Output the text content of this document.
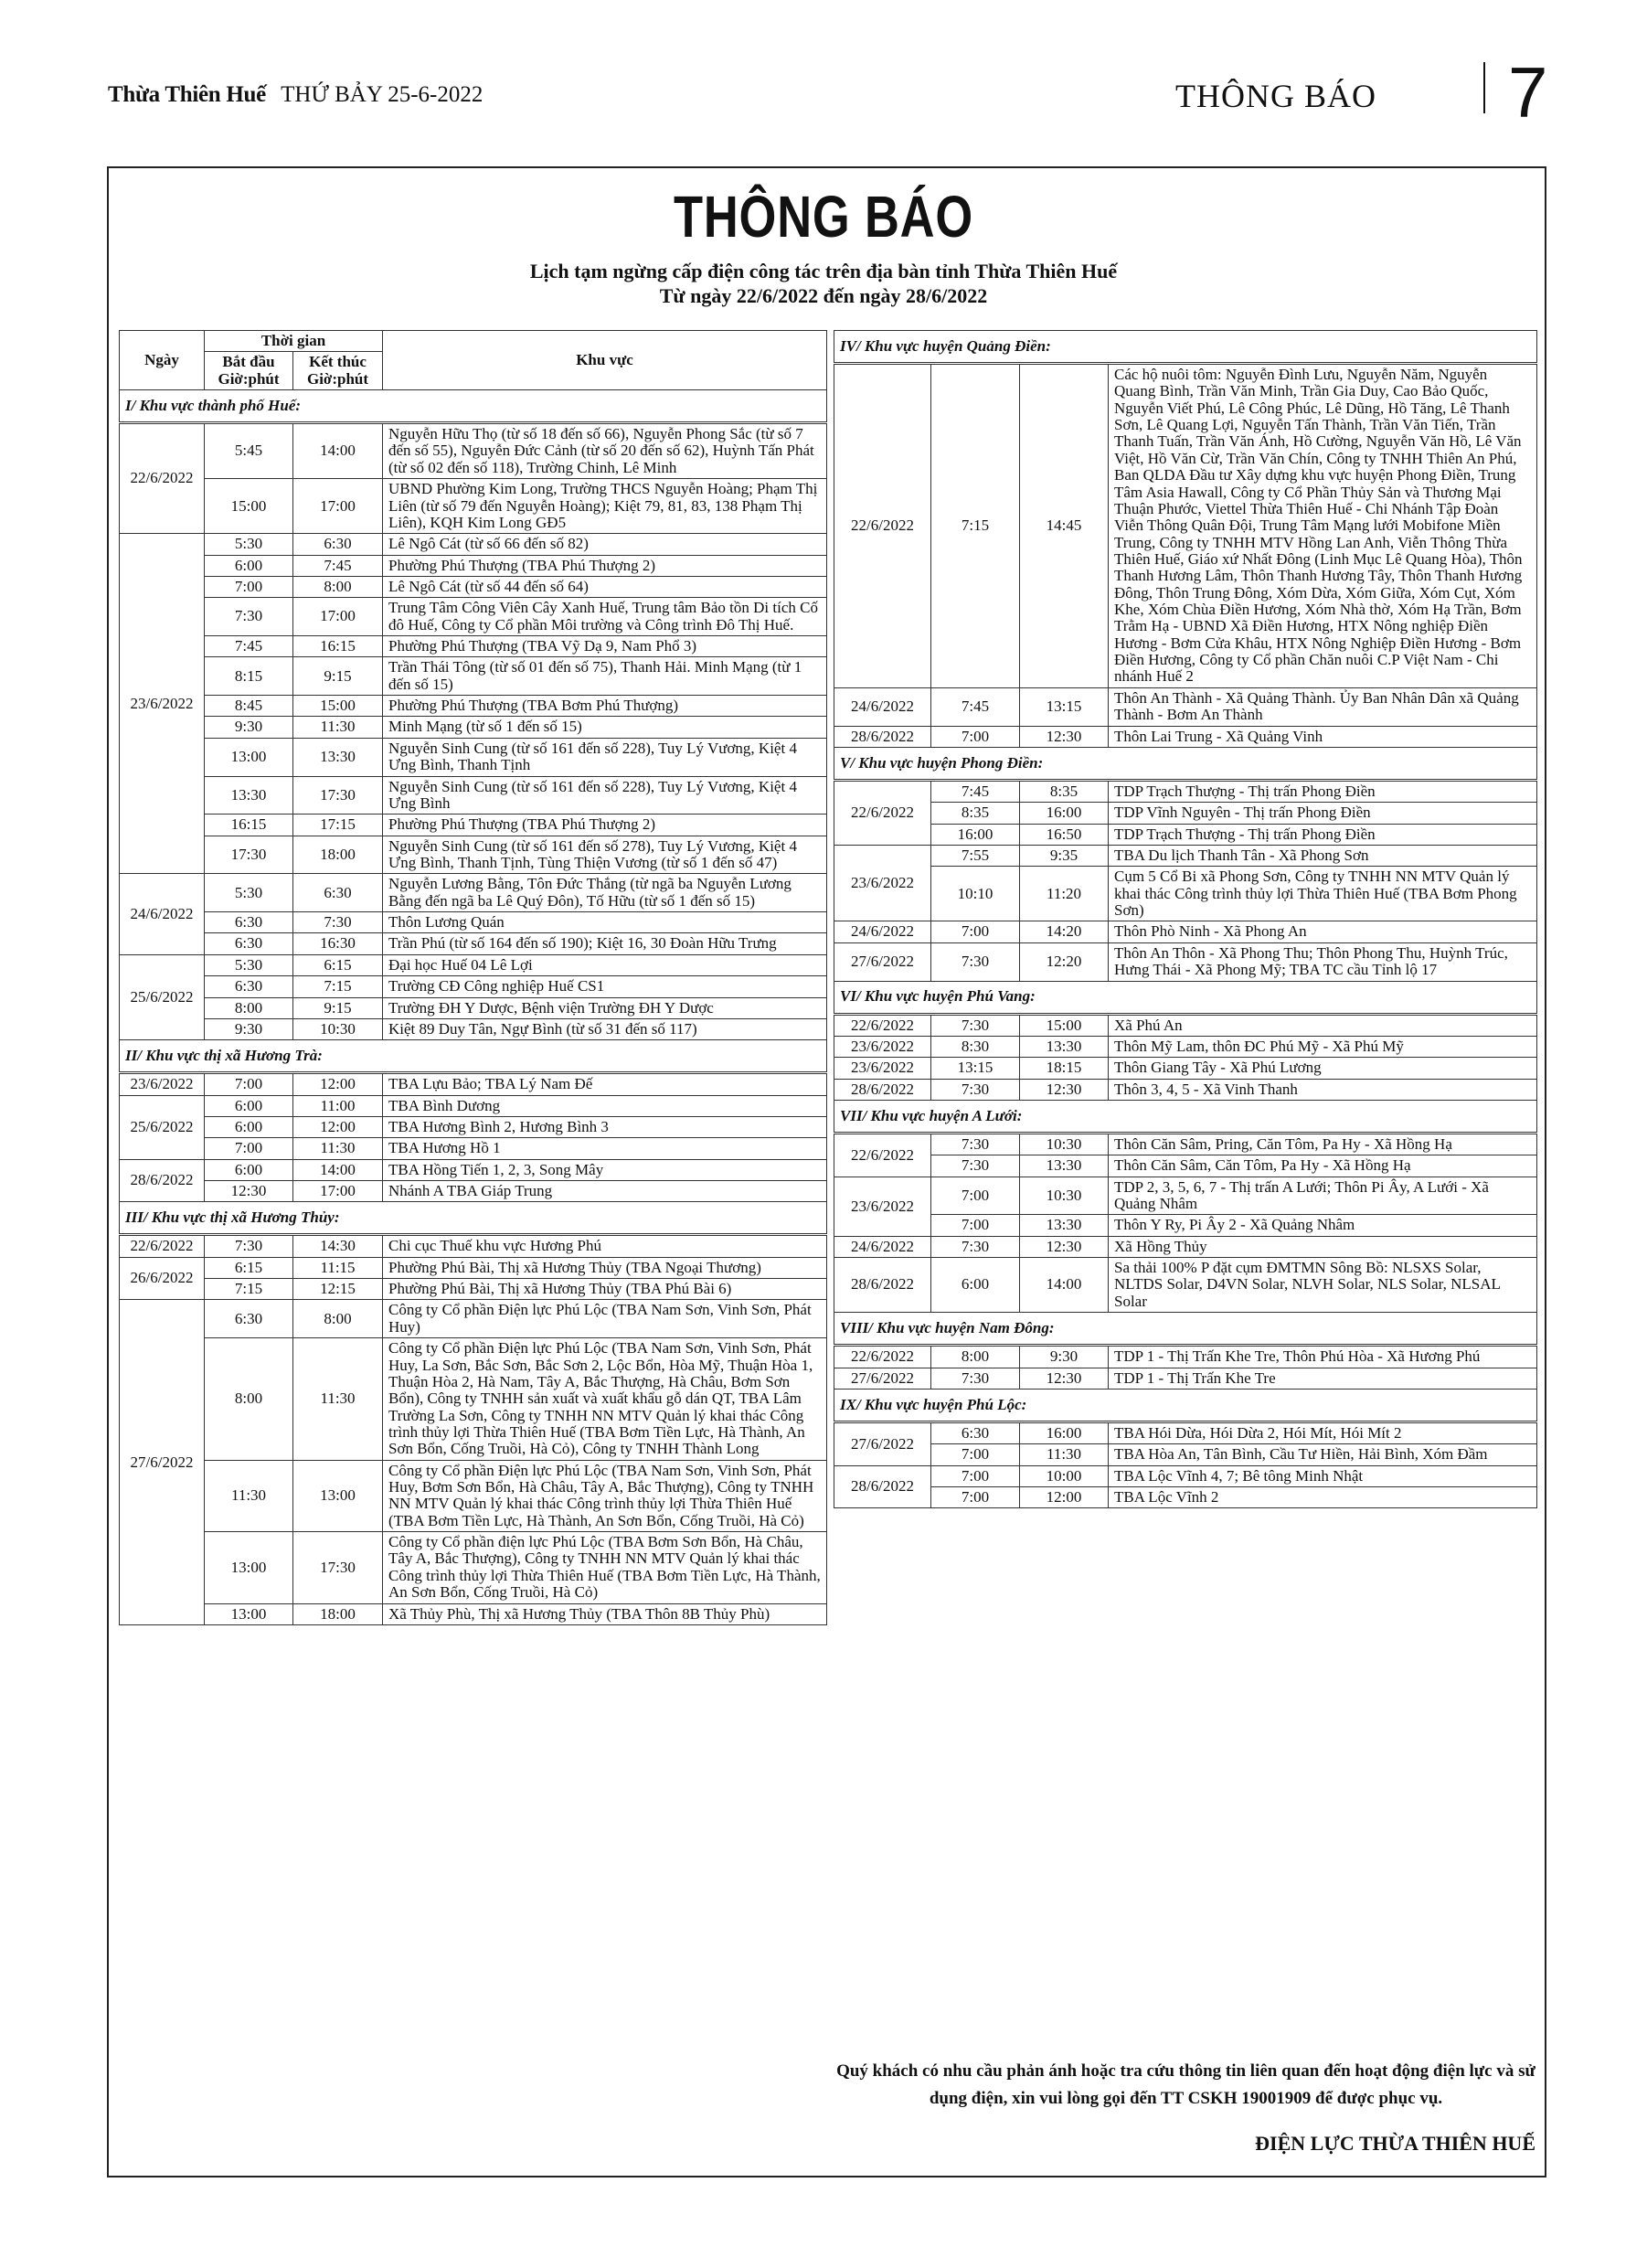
Thừa Thiên Huế THỨ BẢY 25-6-2022	THÔNG BÁO 7
THÔNG BÁO
Lịch tạm ngừng cấp điện công tác trên địa bàn tỉnh Thừa Thiên Huế
Từ ngày 22/6/2022 đến ngày 28/6/2022
Ngày	Thời gian		Khu vực
	Bắt đầu Giờ:phút	Kết thúc Giờ:phút	
I/ Khu vực thành phố Huế:			
22/6/2022	5:45	14:00	Nguyễn Hữu Thọ (từ số 18 đến số 66), Nguyễn Phong Sắc (từ số 7 đến số 55), Nguyễn Đức Cảnh (từ số 20 đến số 62), Huỳnh Tấn Phát (từ số 02 đến số 118), Trường Chinh, Lê Minh
	15:00	17:00	UBND Phường Kim Long, Trường THCS Nguyễn Hoàng; Phạm Thị Liên (từ số 79 đến Nguyễn Hoàng); Kiệt 79, 81, 83, 138 Phạm Thị Liên), KQH Kim Long GĐ5
23/6/2022	5:30	6:30	Lê Ngô Cát (từ số 66 đến số 82)
	6:00	7:45	Phường Phú Thượng (TBA Phú Thượng 2)
	7:00	8:00	Lê Ngô Cát (từ số 44 đến số 64)
	7:30	17:00	Trung Tâm Công Viên Cây Xanh Huế, Trung tâm Bảo tồn Di tích Cố đô Huế, Công ty Cổ phần Môi trường và Công trình Đô Thị Huế.
	7:45	16:15	Phường Phú Thượng (TBA Vỹ Dạ 9, Nam Phổ 3)
	8:15	9:15	Trần Thái Tông (từ số 01 đến số 75), Thanh Hải. Minh Mạng (từ 1 đến số 15)
	8:45	15:00	Phường Phú Thượng (TBA Bơm Phú Thượng)
	9:30	11:30	Minh Mạng (từ số 1 đến số 15)
	13:00	13:30	Nguyễn Sinh Cung (từ số 161 đến số 228), Tuy Lý Vương, Kiệt 4 Ưng Bình, Thanh Tịnh
	13:30	17:30	Nguyễn Sinh Cung (từ số 161 đến số 228), Tuy Lý Vương, Kiệt 4 Ưng Bình
	16:15	17:15	Phường Phú Thượng (TBA Phú Thượng 2)
	17:30	18:00	Nguyễn Sinh Cung (từ số 161 đến số 278), Tuy Lý Vương, Kiệt 4 Ưng Bình, Thanh Tịnh, Tùng Thiện Vương (từ số 1 đến số 47)
24/6/2022	5:30	6:30	Nguyễn Lương Bằng, Tôn Đức Thắng (từ ngã ba Nguyễn Lương Bằng đến ngã ba Lê Quý Đôn), Tố Hữu (từ số 1 đến số 15)
	6:30	7:30	Thôn Lương Quán
	6:30	16:30	Trần Phú (từ số 164 đến số 190); Kiệt 16, 30 Đoàn Hữu Trưng
25/6/2022	5:30	6:15	Đại học Huế 04 Lê Lợi
	6:30	7:15	Trường CĐ Công nghiệp Huế CS1
	8:00	9:15	Trường ĐH Y Dược, Bệnh viện Trường ĐH Y Dược
	9:30	10:30	Kiệt 89 Duy Tân, Ngự Bình (từ số 31 đến số 117)
II/ Khu vực thị xã Hương Trà:			
23/6/2022	7:00	12:00	TBA Lựu Bảo; TBA Lý Nam Đế
25/6/2022	6:00	11:00	TBA Bình Dương
	6:00	12:00	TBA Hương Bình 2, Hương Bình 3
	7:00	11:30	TBA Hương Hồ 1
28/6/2022	6:00	14:00	TBA Hồng Tiến 1, 2, 3, Song Mây
	12:30	17:00	Nhánh A TBA Giáp Trung
III/ Khu vực thị xã Hương Thủy:			
22/6/2022	7:30	14:30	Chi cục Thuế khu vực Hương Phú
26/6/2022	6:15	11:15	Phường Phú Bài, Thị xã Hương Thủy (TBA Ngoại Thương)
	7:15	12:15	Phường Phú Bài, Thị xã Hương Thủy (TBA Phú Bài 6)
27/6/2022	6:30	8:00	Công ty Cổ phần Điện lực Phú Lộc (TBA Nam Sơn, Vinh Sơn, Phát Huy)
	8:00	11:30	Công ty Cổ phần Điện lực Phú Lộc (TBA Nam Sơn, Vinh Sơn, Phát Huy, La Sơn, Bắc Sơn, Bắc Sơn 2, Lộc Bổn, Hòa Mỹ, Thuận Hòa 1, Thuận Hòa 2, Hà Nam, Tây A, Bắc Thượng, Hà Châu, Bơm Sơn Bổn), Công ty TNHH sản xuất và xuất khẩu gỗ dán QT, TBA Lâm Trường La Sơn, Công ty TNHH NN MTV Quản lý khai thác Công trình thủy lợi Thừa Thiên Huế (TBA Bơm Tiền Lực, Hà Thành, An Sơn Bổn, Cống Truồi, Hà Cỏ), Công ty TNHH Thành Long
	11:30	13:00	Công ty Cổ phần Điện lực Phú Lộc (TBA Nam Sơn, Vinh Sơn, Phát Huy, Bơm Sơn Bổn, Hà Châu, Tây A, Bắc Thượng), Công ty TNHH NN MTV Quản lý khai thác Công trình thủy lợi Thừa Thiên Huế (TBA Bơm Tiền Lực, Hà Thành, An Sơn Bổn, Cống Truồi, Hà Cỏ)
	13:00	17:30	Công ty Cổ phần điện lực Phú Lộc (TBA Bơm Sơn Bổn, Hà Châu, Tây A, Bắc Thượng), Công ty TNHH NN MTV Quản lý khai thác Công trình thủy lợi Thừa Thiên Huế (TBA Bơm Tiền Lực, Hà Thành, An Sơn Bổn, Cống Truồi, Hà Cỏ)
	13:00	18:00	Xã Thủy Phù, Thị xã Hương Thủy (TBA Thôn 8B Thủy Phù)
IV/ Khu vực huyện Quảng Điền:			
22/6/2022	7:15	14:45	Các hộ nuôi tôm: Nguyễn Đình Lưu, Nguyễn Năm, Nguyễn Quang Bình, Trần Văn Minh, Trần Gia Duy, Cao Bảo Quốc, Nguyễn Viết Phú, Lê Công Phúc, Lê Dũng, Hồ Tăng, Lê Thanh Sơn, Lê Quang Lợi, Nguyễn Tấn Thành, Trần Văn Tiến, Trần Thanh Tuấn, Trần Văn Ánh, Hồ Cường, Nguyễn Văn Hồ, Lê Văn Việt, Hồ Văn Cừ, Trần Văn Chín, Công ty TNHH Thiên An Phú, Ban QLDA Đầu tư Xây dựng khu vực huyện Phong Điền, Trung Tâm Asia Hawall, Công ty Cổ Phần Thủy Sản và Thương Mại Thuận Phước, Viettel Thừa Thiên Huế - Chi Nhánh Tập Đoàn Viễn Thông Quân Đội, Trung Tâm Mạng lưới Mobifone Miền Trung, Công ty TNHH MTV Hồng Lan Anh, Viễn Thông Thừa Thiên Huế, Giáo xứ Nhất Đông (Linh Mục Lê Quang Hòa), Thôn Thanh Hương Lâm, Thôn Thanh Hương Tây, Thôn Thanh Hương Đông, Thôn Trung Đông, Xóm Dừa, Xóm Giữa, Xóm Cụt, Xóm Khe, Xóm Chùa Điền Hương, Xóm Nhà thờ, Xóm Hạ Trần, Bơm Trằm Hạ - UBND Xã Điền Hương, HTX Nông nghiệp Điền Hương - Bơm Cửa Khâu, HTX Nông Nghiệp Điền Hương - Bơm Điền Hương, Công ty Cổ phần Chăn nuôi C.P Việt Nam - Chi nhánh Huế 2
24/6/2022	7:45	13:15	Thôn An Thành - Xã Quảng Thành. Ủy Ban Nhân Dân xã Quảng Thành - Bơm An Thành
28/6/2022	7:00	12:30	Thôn Lai Trung - Xã Quảng Vinh
V/ Khu vực huyện Phong Điền:			
22/6/2022	7:45	8:35	TDP Trạch Thượng - Thị trấn Phong Điền
	8:35	16:00	TDP Vĩnh Nguyên - Thị trấn Phong Điền
	16:00	16:50	TDP Trạch Thượng - Thị trấn Phong Điền
23/6/2022	7:55	9:35	TBA Du lịch Thanh Tân - Xã Phong Sơn
	10:10	11:20	Cụm 5 Cổ Bi xã Phong Sơn, Công ty TNHH NN MTV Quản lý khai thác Công trình thủy lợi Thừa Thiên Huế (TBA Bơm Phong Sơn)
24/6/2022	7:00	14:20	Thôn Phò Ninh - Xã Phong An
27/6/2022	7:30	12:20	Thôn An Thôn - Xã Phong Thu; Thôn Phong Thu, Huỳnh Trúc, Hưng Thái - Xã Phong Mỹ; TBA TC cầu Tỉnh lộ 17
VI/ Khu vực huyện Phú Vang:			
22/6/2022	7:30	15:00	Xã Phú An
23/6/2022	8:30	13:30	Thôn Mỹ Lam, thôn ĐC Phú Mỹ - Xã Phú Mỹ
23/6/2022	13:15	18:15	Thôn Giang Tây - Xã Phú Lương
28/6/2022	7:30	12:30	Thôn 3, 4, 5 - Xã Vinh Thanh
VII/ Khu vực huyện A Lưới:			
22/6/2022	7:30	10:30	Thôn Căn Sâm, Pring, Căn Tôm, Pa Hy - Xã Hồng Hạ
	7:30	13:30	Thôn Căn Sâm, Căn Tôm, Pa Hy - Xã Hồng Hạ
23/6/2022	7:00	10:30	TDP 2, 3, 5, 6, 7 - Thị trấn A Lưới; Thôn Pi Ây, A Lưới - Xã Quảng Nhâm
	7:00	13:30	Thôn Y Ry, Pi Ây 2 - Xã Quảng Nhâm
24/6/2022	7:30	12:30	Xã Hồng Thủy
28/6/2022	6:00	14:00	Sa thải 100% P đặt cụm ĐMTMN Sông Bồ: NLSXS Solar, NLTDS Solar, D4VN Solar, NLVH Solar, NLS Solar, NLSAL Solar
VIII/ Khu vực huyện Nam Đông:			
22/6/2022	8:00	9:30	TDP 1 - Thị Trấn Khe Tre, Thôn Phú Hòa - Xã Hương Phú
27/6/2022	7:30	12:30	TDP 1 - Thị Trấn Khe Tre
IX/ Khu vực huyện Phú Lộc:			
27/6/2022	6:30	16:00	TBA Hói Dừa, Hói Dừa 2, Hói Mít, Hói Mít 2
	7:00	11:30	TBA Hòa An, Tân Bình, Cầu Tư Hiền, Hải Bình, Xóm Đầm
28/6/2022	7:00	10:00	TBA Lộc Vĩnh 4, 7; Bê tông Minh Nhật
	7:00	12:00	TBA Lộc Vĩnh 2
Quý khách có nhu cầu phản ánh hoặc tra cứu thông tin liên quan đến hoạt động điện lực và sử dụng điện, xin vui lòng gọi đến TT CSKH 19001909 để được phục vụ.
ĐIỆN LỰC THỪA THIÊN HUẾ
